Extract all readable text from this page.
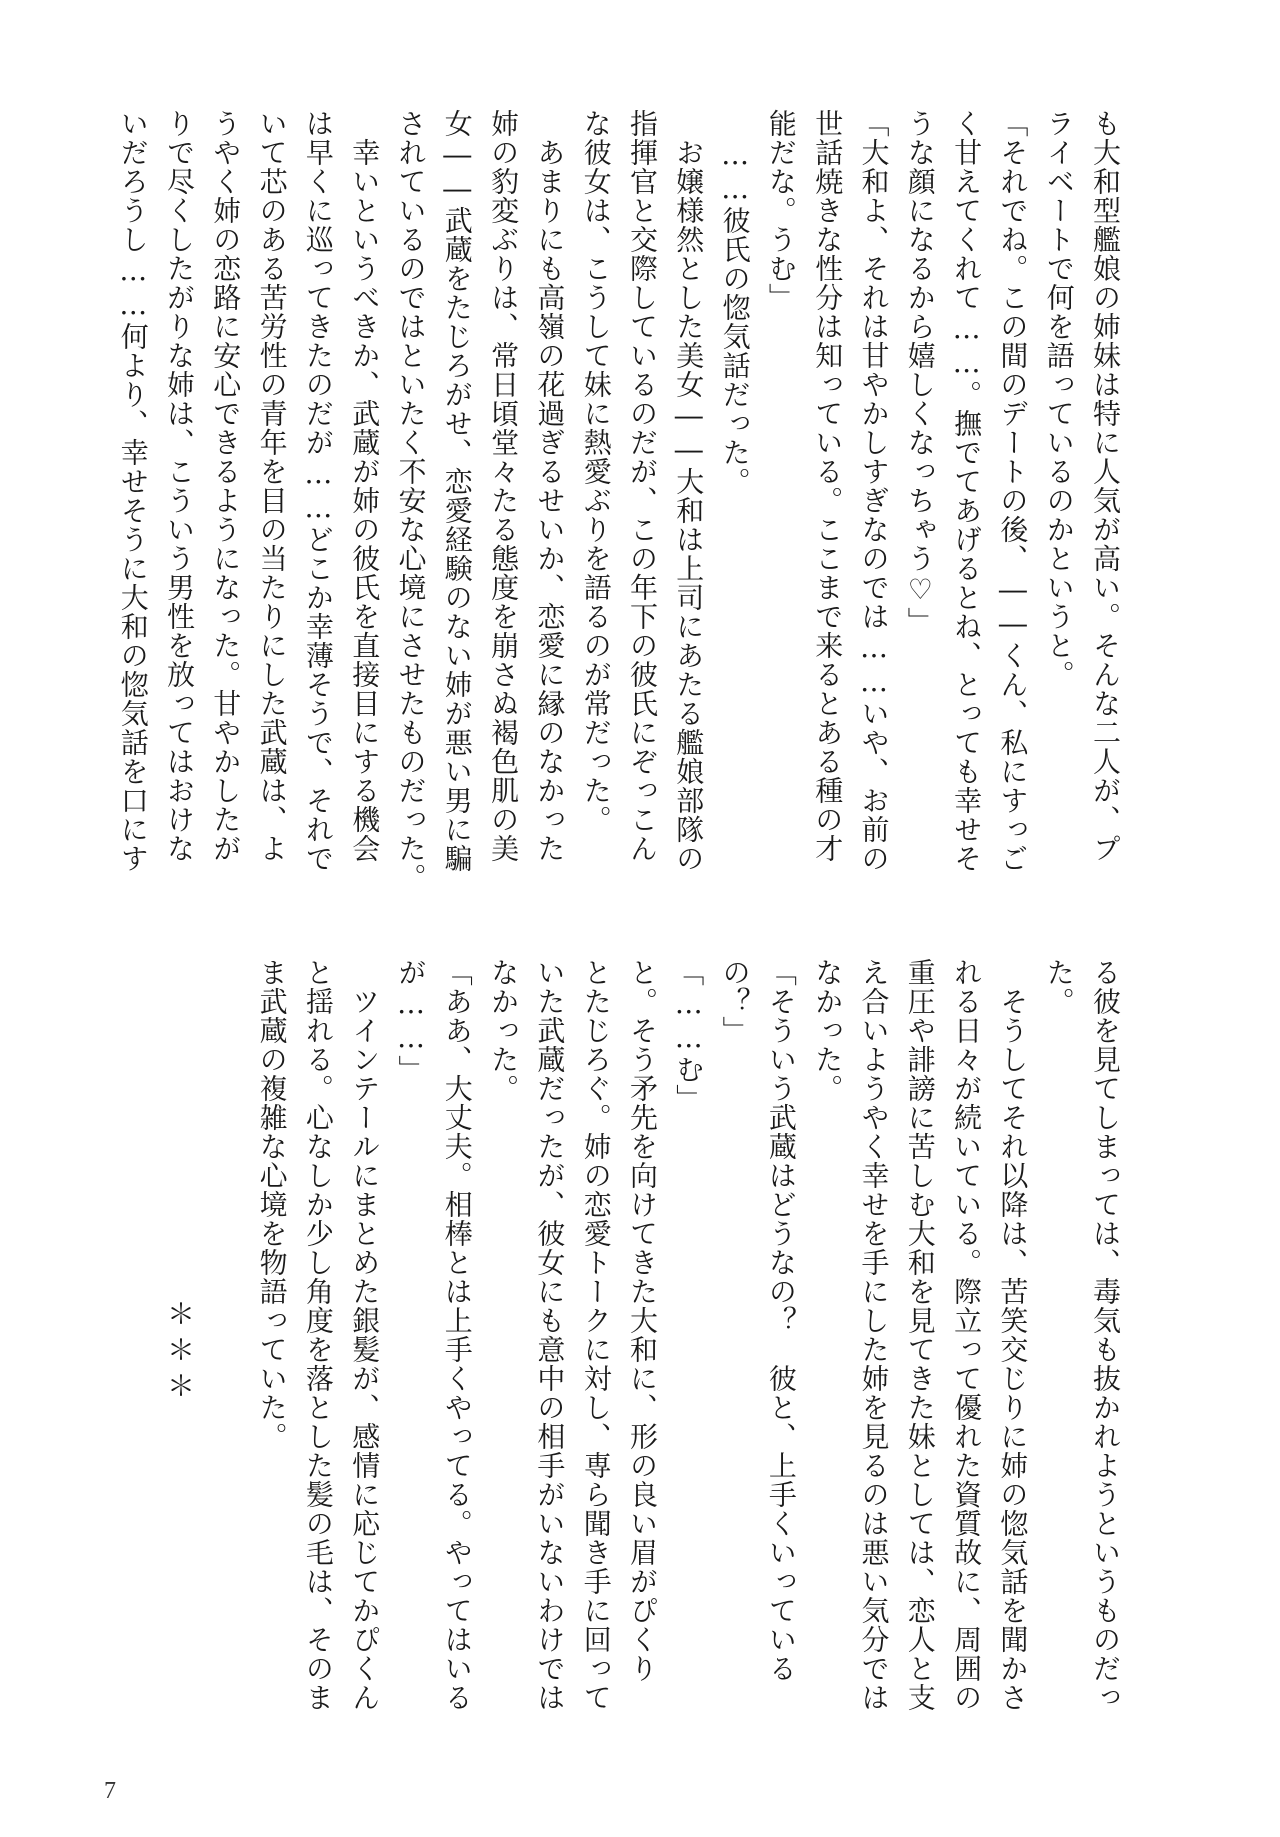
も大和型艦娘の姉妹は特に人気が高い。そんな二人が、プ
ライベートで何を語っているのかというと。
「それでね。この間のデートの後、――くん、私にすっご
く甘えてくれて……。撫でてあげるとね、とっても幸せそ
うな顔になるから嬉しくなっちゃう♡」
「大和よ、それは甘やかしすぎなのでは……いや、お前の
世話焼きな性分は知っている。ここまで来るとある種の才
能だな。うむ」
　……彼氏の惚気話だった。
　お嬢様然とした美女――大和は上司にあたる艦娘部隊の
指揮官と交際しているのだが、この年下の彼氏にぞっこん
な彼女は、こうして妹に熱愛ぶりを語るのが常だった。
　あまりにも高嶺の花過ぎるせいか、恋愛に縁のなかった
姉の豹変ぶりは、常日頃堂々たる態度を崩さぬ褐色肌の美
女――武蔵をたじろがせ、恋愛経験のない姉が悪い男に騙
されているのではといたく不安な心境にさせたものだった。
　幸いというべきか、武蔵が姉の彼氏を直接目にする機会
は早くに巡ってきたのだが……どこか幸薄そうで、それで
いて芯のある苦労性の青年を目の当たりにした武蔵は、よ
うやく姉の恋路に安心できるようになった。甘やかしたが
りで尽くしたがりな姉は、こういう男性を放ってはおけな
いだろうし……何より、幸せそうに大和の惚気話を口にす
る彼を見てしまっては、毒気も抜かれようというものだっ
た。
　そうしてそれ以降は、苦笑交じりに姉の惚気話を聞かさ
れる日々が続いている。際立って優れた資質故に、周囲の
重圧や誹謗に苦しむ大和を見てきた妹としては、恋人と支
え合いようやく幸せを手にした姉を見るのは悪い気分では
なかった。
「そういう武蔵はどうなの？　彼と、上手くいっている
の？」
「……む」
と。そう矛先を向けてきた大和に、形の良い眉がぴくり
とたじろぐ。姉の恋愛トークに対し、専ら聞き手に回って
いた武蔵だったが、彼女にも意中の相手がいないわけでは
なかった。
「ああ、大丈夫。相棒とは上手くやってる。やってはいる
が……」
　ツインテールにまとめた銀髪が、感情に応じてかぴくん
と揺れる。心なしか少し角度を落とした髪の毛は、そのま
ま武蔵の複雑な心境を物語っていた。
＊＊＊
7
